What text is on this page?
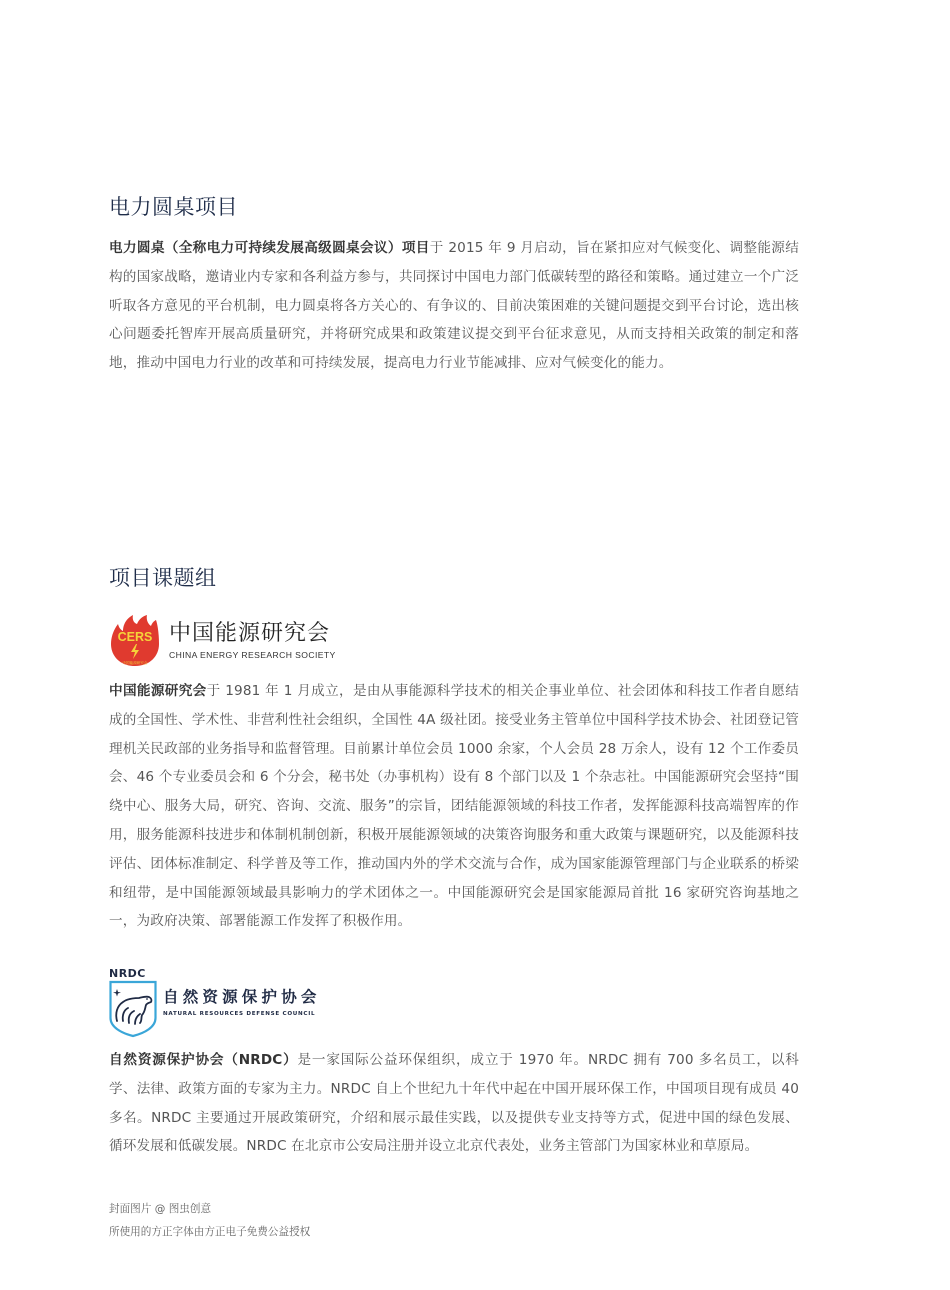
电力圆桌项目

电力圆桌（全称电力可持续发展高级圆桌会议）项目于 2015 年 9 月启动，旨在紧扣应对气候变化、调整能源结构的国家战略，邀请业内专家和各利益方参与，共同探讨中国电力部门低碳转型的路径和策略。通过建立一个广泛听取各方意见的平台机制，电力圆桌将各方关心的、有争议的、目前决策困难的关键问题提交到平台讨论，选出核心问题委托智库开展高质量研究，并将研究成果和政策建议提交到平台征求意见，从而支持相关政策的制定和落地，推动中国电力行业的改革和可持续发展，提高电力行业节能减排、应对气候变化的能力。

项目课题组
CERS
中国能源研究会
中国能源研究会
CHINA ENERGY RESEARCH SOCIETY

中国能源研究会于 1981 年 1 月成立，是由从事能源科学技术的相关企事业单位、社会团体和科技工作者自愿结成的全国性、学术性、非营利性社会组织，全国性 4A 级社团。接受业务主管单位中国科学技术协会、社团登记管理机关民政部的业务指导和监督管理。目前累计单位会员 1000 余家，个人会员 28 万余人，设有 12 个工作委员会、46 个专业委员会和 6 个分会，秘书处（办事机构）设有 8 个部门以及 1 个杂志社。中国能源研究会坚持“围绕中心、服务大局，研究、咨询、交流、服务”的宗旨，团结能源领域的科技工作者，发挥能源科技高端智库的作用，服务能源科技进步和体制机制创新，积极开展能源领域的决策咨询服务和重大政策与课题研究，以及能源科技评估、团体标准制定、科学普及等工作，推动国内外的学术交流与合作，成为国家能源管理部门与企业联系的桥梁和纽带，是中国能源领域最具影响力的学术团体之一。中国能源研究会是国家能源局首批 16 家研究咨询基地之一，为政府决策、部署能源工作发挥了积极作用。

NRDC
自然资源保护协会
NATURAL RESOURCES DEFENSE COUNCIL

自然资源保护协会（NRDC）是一家国际公益环保组织，成立于 1970 年。NRDC 拥有 700 多名员工，以科学、法律、政策方面的专家为主力。NRDC 自上个世纪九十年代中起在中国开展环保工作，中国项目现有成员 40 多名。NRDC 主要通过开展政策研究，介绍和展示最佳实践，以及提供专业支持等方式，促进中国的绿色发展、循环发展和低碳发展。NRDC 在北京市公安局注册并设立北京代表处，业务主管部门为国家林业和草原局。

封面图片 @ 图虫创意

所使用的方正字体由方正电子免费公益授权
